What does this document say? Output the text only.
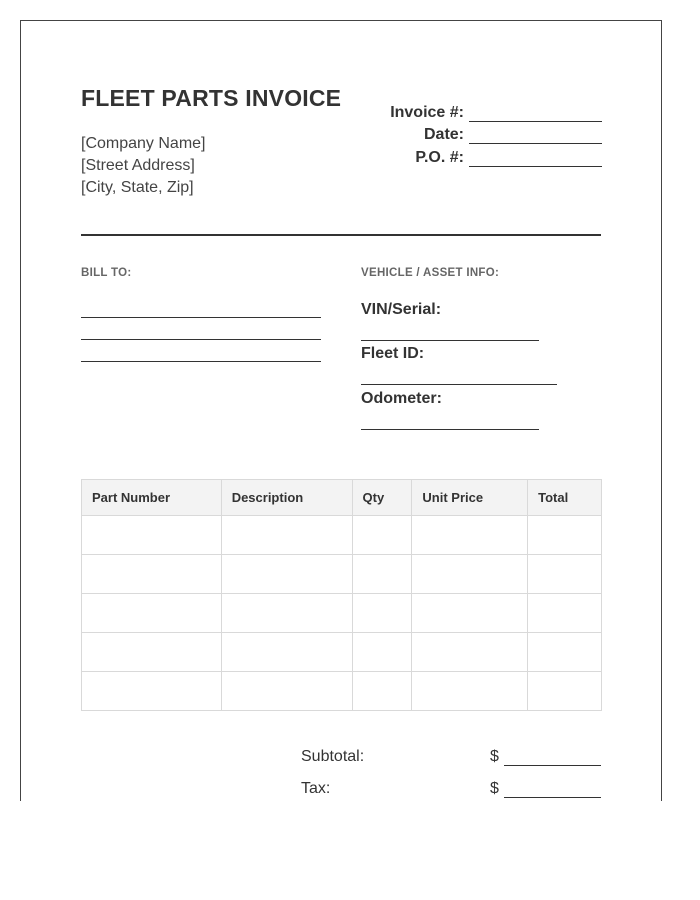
FLEET PARTS INVOICE
[Company Name]
[Street Address]
[City, State, Zip]
Invoice #:
Date:
P.O. #:
BILL TO:	VEHICLE / ASSET INFO:
VIN/Serial:
Fleet ID:
Odometer:
Part Number	Description	Qty	Unit Price	Total

Subtotal:	$
Tax:	$
